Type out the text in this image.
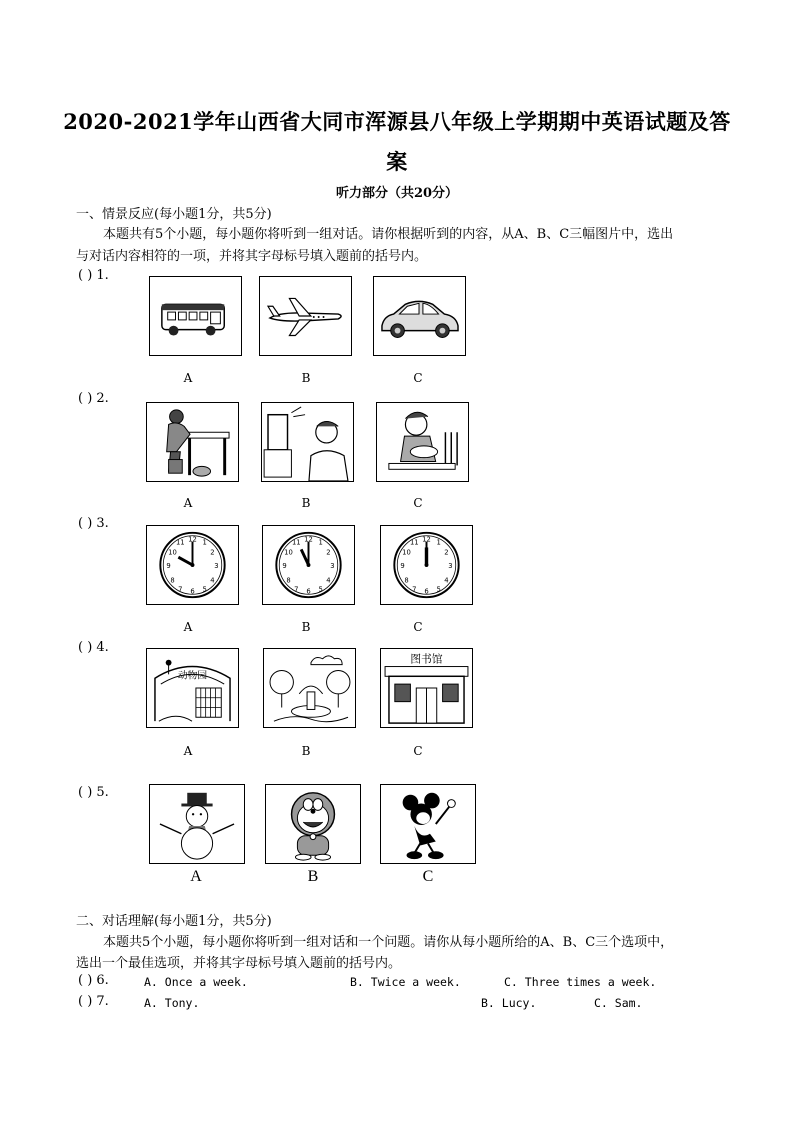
2020-2021学年山西省大同市浑源县八年级上学期期中英语试题及答
案
听力部分（共20分）
一、情景反应(每小题1分，共5分)
本题共有5个小题，每小题你将听到一组对话。请你根据听到的内容，从A、B、C三幅图片中，选出
与对话内容相符的一项，并将其字母标号填入题前的括号内。
( ) 1.
A	B	C
( ) 2.
A	B	C
( ) 3.
12
3
6
9
1
2
4
5
7
8
10
11	12
3
6
9
1
2
4
5
7
8
10
11	12
3
6
9
1
2
4
5
7
8
10
11
A	B	C
( ) 4.
动物园
图书馆
A	B	C
( ) 5.
A	B	C
二、对话理解(每小题1分，共5分)
本题共5个小题，每小题你将听到一组对话和一个问题。请你从每小题所给的A、B、C三个选项中，
选出一个最佳选项，并将其字母标号填入题前的括号内。
( ) 6.	A. Once a week.	B. Twice a week.	C. Three times a week.
( ) 7.	A. Tony.	B. Lucy.	C. Sam.
